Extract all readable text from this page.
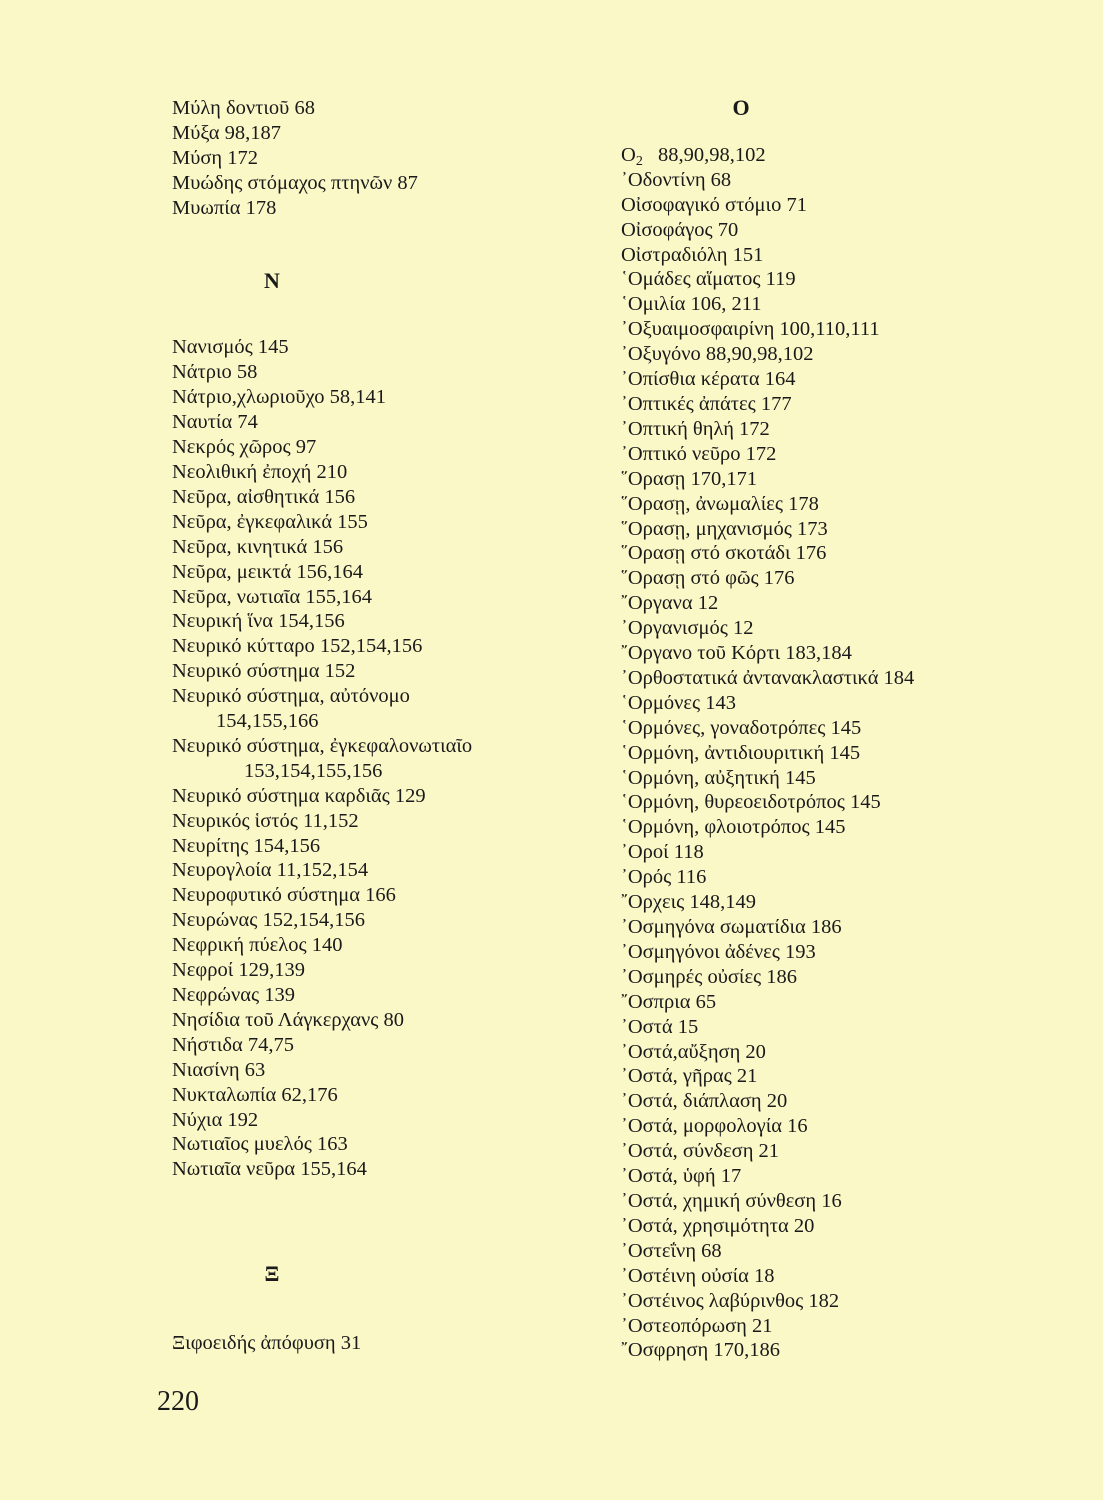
Μύλη δοντιοῦ 68
Μύξα 98,187
Μύση 172
Μυώδης στόμαχος πτηνῶν 87
Μυωπία 178
Ν
Νανισμός 145
Νάτριο 58
Νάτριο,χλωριοῦχο 58,141
Ναυτία 74
Νεκρός χῶρος 97
Νεολιθική ἐποχή 210
Νεῦρα, αἰσθητικά 156
Νεῦρα, ἐγκεφαλικά 155
Νεῦρα, κινητικά 156
Νεῦρα, μεικτά 156,164
Νεῦρα, νωτιαῖα 155,164
Νευρική ἵνα 154,156
Νευρικό κύτταρο 152,154,156
Νευρικό σύστημα 152
Νευρικό σύστημα, αὐτόνομο
154,155,166
Νευρικό σύστημα, ἐγκεφαλονωτιαῖο
153,154,155,156
Νευρικό σύστημα καρδιᾶς 129
Νευρικός ἱστός 11,152
Νευρίτης 154,156
Νευρογλοία 11,152,154
Νευροφυτικό σύστημα 166
Νευρώνας 152,154,156
Νεφρική πύελος 140
Νεφροί 129,139
Νεφρώνας 139
Νησίδια τοῦ Λάγκερχανς 80
Νήστιδα 74,75
Νιασίνη 63
Νυκταλωπία 62,176
Νύχια 192
Νωτιαῖος μυελός 163
Νωτιαῖα νεῦρα 155,164
Ξ
Ξιφοειδής ἀπόφυση 31
Ο
$O_2$ 88,90,98,102
᾿Οδοντίνη 68
Οἰσοφαγικό στόμιο 71
Οἰσοφάγος 70
Οἰστραδιόλη 151
῾Ομάδες αἵματος 119
῾Ομιλία 106, 211
᾿Οξυαιμοσφαιρίνη 100,110,111
᾿Οξυγόνο 88,90,98,102
᾿Οπίσθια κέρατα 164
᾿Οπτικές ἀπάτες 177
᾿Οπτική θηλή 172
᾿Οπτικό νεῦρο 172
῞Ορασῃ 170,171
῞Ορασῃ, ἀνωμαλίες 178
῞Ορασῃ, μηχανισμός 173
῞Ορασῃ στό σκοτάδι 176
῞Ορασῃ στό φῶς 176
῎Οργανα 12
᾿Οργανισμός 12
῎Οργανο τοῦ Κόρτι 183,184
᾿Ορθοστατικά ἀντανακλαστικά 184
῾Ορμόνες 143
῾Ορμόνες, γοναδοτρόπες 145
῾Ορμόνη, ἀντιδιουριτική 145
῾Ορμόνη, αὐξητική 145
῾Ορμόνη, θυρεοειδοτρόπος 145
῾Ορμόνη, φλοιοτρόπος 145
᾿Οροί 118
᾿Ορός 116
῎Ορχεις 148,149
᾿Οσμηγόνα σωματίδια 186
᾿Οσμηγόνοι ἀδένες 193
᾿Οσμηρές οὐσίες 186
῎Οσπρια 65
᾿Οστά 15
᾿Οστά,αὔξηση 20
᾿Οστά, γῆρας 21
᾿Οστά, διάπλαση 20
᾿Οστά, μορφολογία 16
᾿Οστά, σύνδεση 21
᾿Οστά, ὑφή 17
᾿Οστά, χημική σύνθεση 16
᾿Οστά, χρησιμότητα 20
᾿Οστεΐνη 68
᾿Οστέινη οὐσία 18
᾿Οστέινος λαβύρινθος 182
᾿Οστεοπόρωση 21
῎Οσφρηση 170,186
220
